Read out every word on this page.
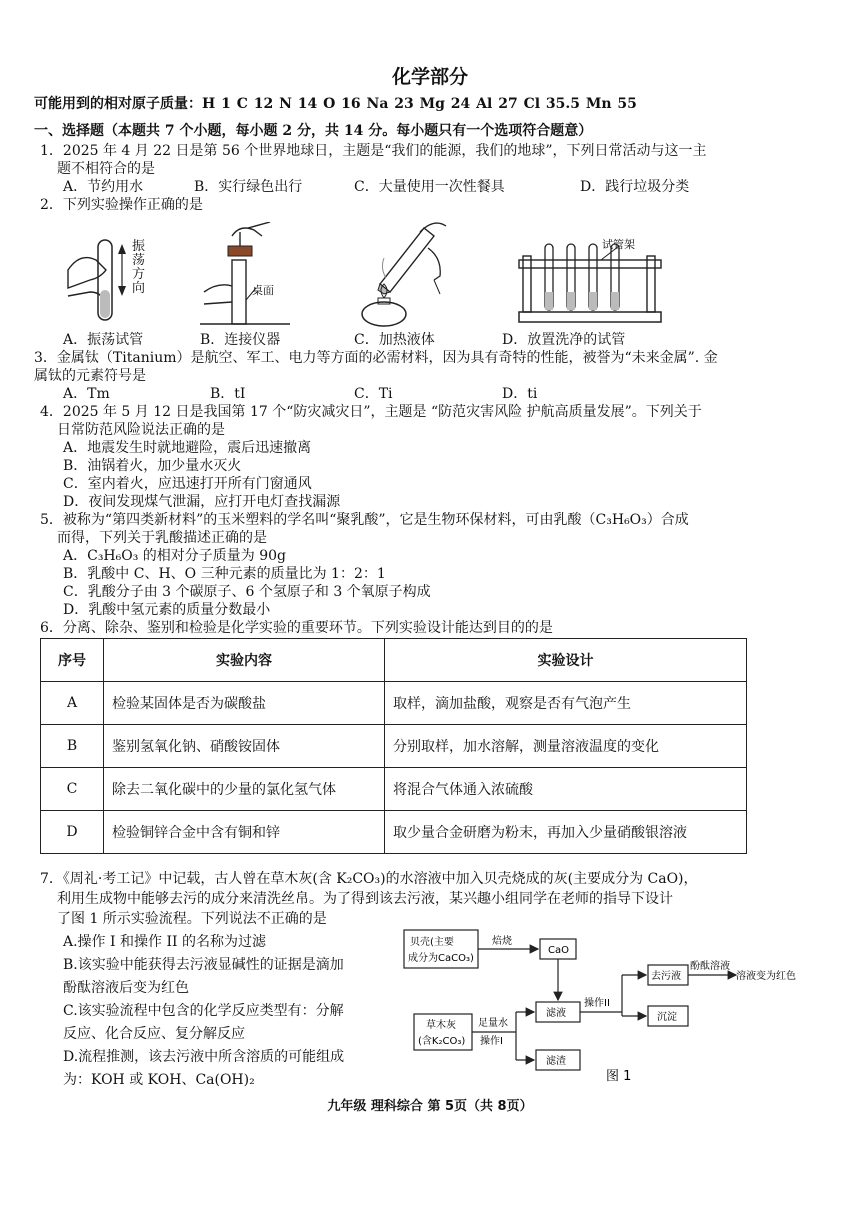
化学部分
可能用到的相对原子质量：H 1 C 12 N 14 O 16 Na 23 Mg 24 Al 27 Cl 35.5 Mn 55
一、选择题（本题共 7 个小题，每小题 2 分，共 14 分。每小题只有一个选项符合题意）
1．2025 年 4 月 22 日是第 56 个世界地球日，主题是“我们的能源，我们的地球”，下列日常活动与这一主
题不相符合的是
A．节约用水	B．实行绿色出行	C．大量使用一次性餐具	D．践行垃圾分类
2．下列实验操作正确的是
振荡方向	桌面
试管架
A．振荡试管	B．连接仪器	C．加热液体	D．放置洗净的试管
3．金属钛（Titanium）是航空、军工、电力等方面的必需材料，因为具有奇特的性能，被誉为“未来金属”. 金
属钛的元素符号是
A．Tm	B．tI	C．Ti	D．ti
4．2025 年 5 月 12 日是我国第 17 个“防灾减灾日”，主题是 “防范灾害风险 护航高质量发展”。下列关于
日常防范风险说法正确的是
A．地震发生时就地避险，震后迅速撤离
B．油锅着火，加少量水灭火
C．室内着火，应迅速打开所有门窗通风
D．夜间发现煤气泄漏，应打开电灯查找漏源
5．被称为“第四类新材料”的玉米塑料的学名叫“聚乳酸”，它是生物环保材料，可由乳酸（C₃H₆O₃）合成
而得，下列关于乳酸描述正确的是
A．C₃H₆O₃ 的相对分子质量为 90g
B．乳酸中 C、H、O 三种元素的质量比为 1：2：1
C．乳酸分子由 3 个碳原子、6 个氢原子和 3 个氧原子构成
D．乳酸中氢元素的质量分数最小
6．分离、除杂、鉴别和检验是化学实验的重要环节。下列实验设计能达到目的的是
序号	实验内容	实验设计
A	检验某固体是否为碳酸盐	取样，滴加盐酸，观察是否有气泡产生
B	鉴别氢氧化钠、硝酸铵固体	分别取样，加水溶解，测量溶液温度的变化
C	除去二氧化碳中的少量的氯化氢气体	将混合气体通入浓硫酸
D	检验铜锌合金中含有铜和锌	取少量合金研磨为粉末，再加入少量硝酸银溶液
7．《周礼·考工记》中记载，古人曾在草木灰(含 K₂CO₃)的水溶液中加入贝壳烧成的灰(主要成分为 CaO)，
利用生成物中能够去污的成分来清洗丝帛。为了得到该去污液，某兴趣小组同学在老师的指导下设计
了图 1 所示实验流程。下列说法不正确的是
A.操作 I 和操作 II 的名称为过滤
B.该实验中能获得去污液显碱性的证据是滴加
酚酞溶液后变为红色
C.该实验流程中包含的化学反应类型有：分解
反应、化合反应、复分解反应
D.流程推测，该去污液中所含溶质的可能组成
为：KOH 或 KOH、Ca(OH)₂
贝壳(主要
成分为CaCO₃)
焙烧
CaO
滤液
操作II
去污液
酚酞溶液
溶液变为红色
沉淀
草木灰
(含K₂CO₃)
足量水
操作I
滤渣
图 1
九年级 理科综合 第 5页（共 8页）
